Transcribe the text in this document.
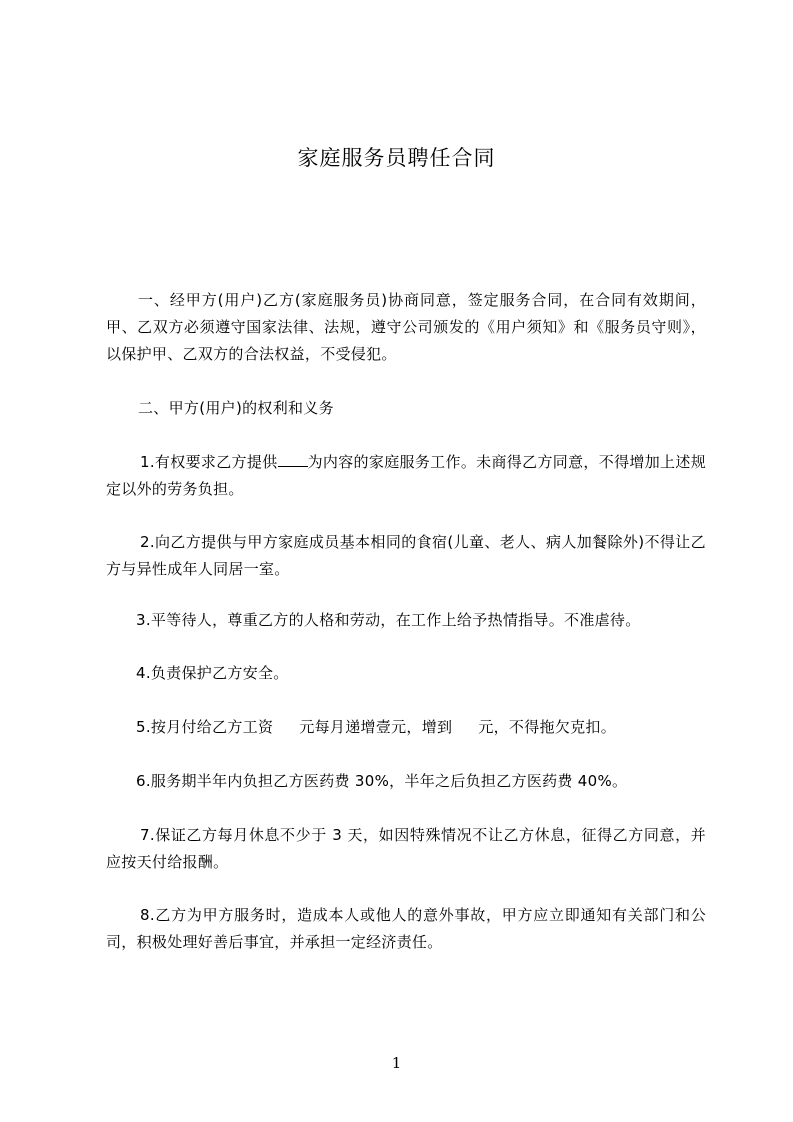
家庭服务员聘任合同
一、经甲方(用户)乙方(家庭服务员)协商同意，签定服务合同，在合同有效期间，甲、乙双方必须遵守国家法律、法规，遵守公司颁发的《用户须知》和《服务员守则》，以保护甲、乙双方的合法权益，不受侵犯。
二、甲方(用户)的权利和义务
1.有权要求乙方提供 为内容的家庭服务工作。未商得乙方同意，不得增加上述规定以外的劳务负担。
2.向乙方提供与甲方家庭成员基本相同的食宿(儿童、老人、病人加餐除外)不得让乙方与异性成年人同居一室。
3.平等待人，尊重乙方的人格和劳动，在工作上给予热情指导。不准虐待。
4.负责保护乙方安全。
5.按月付给乙方工资 元每月递增壹元，增到 元，不得拖欠克扣。
6.服务期半年内负担乙方医药费 30%，半年之后负担乙方医药费 40%。
7.保证乙方每月休息不少于 3 天，如因特殊情况不让乙方休息，征得乙方同意，并应按天付给报酬。
8.乙方为甲方服务时，造成本人或他人的意外事故，甲方应立即通知有关部门和公司，积极处理好善后事宜，并承担一定经济责任。
1
